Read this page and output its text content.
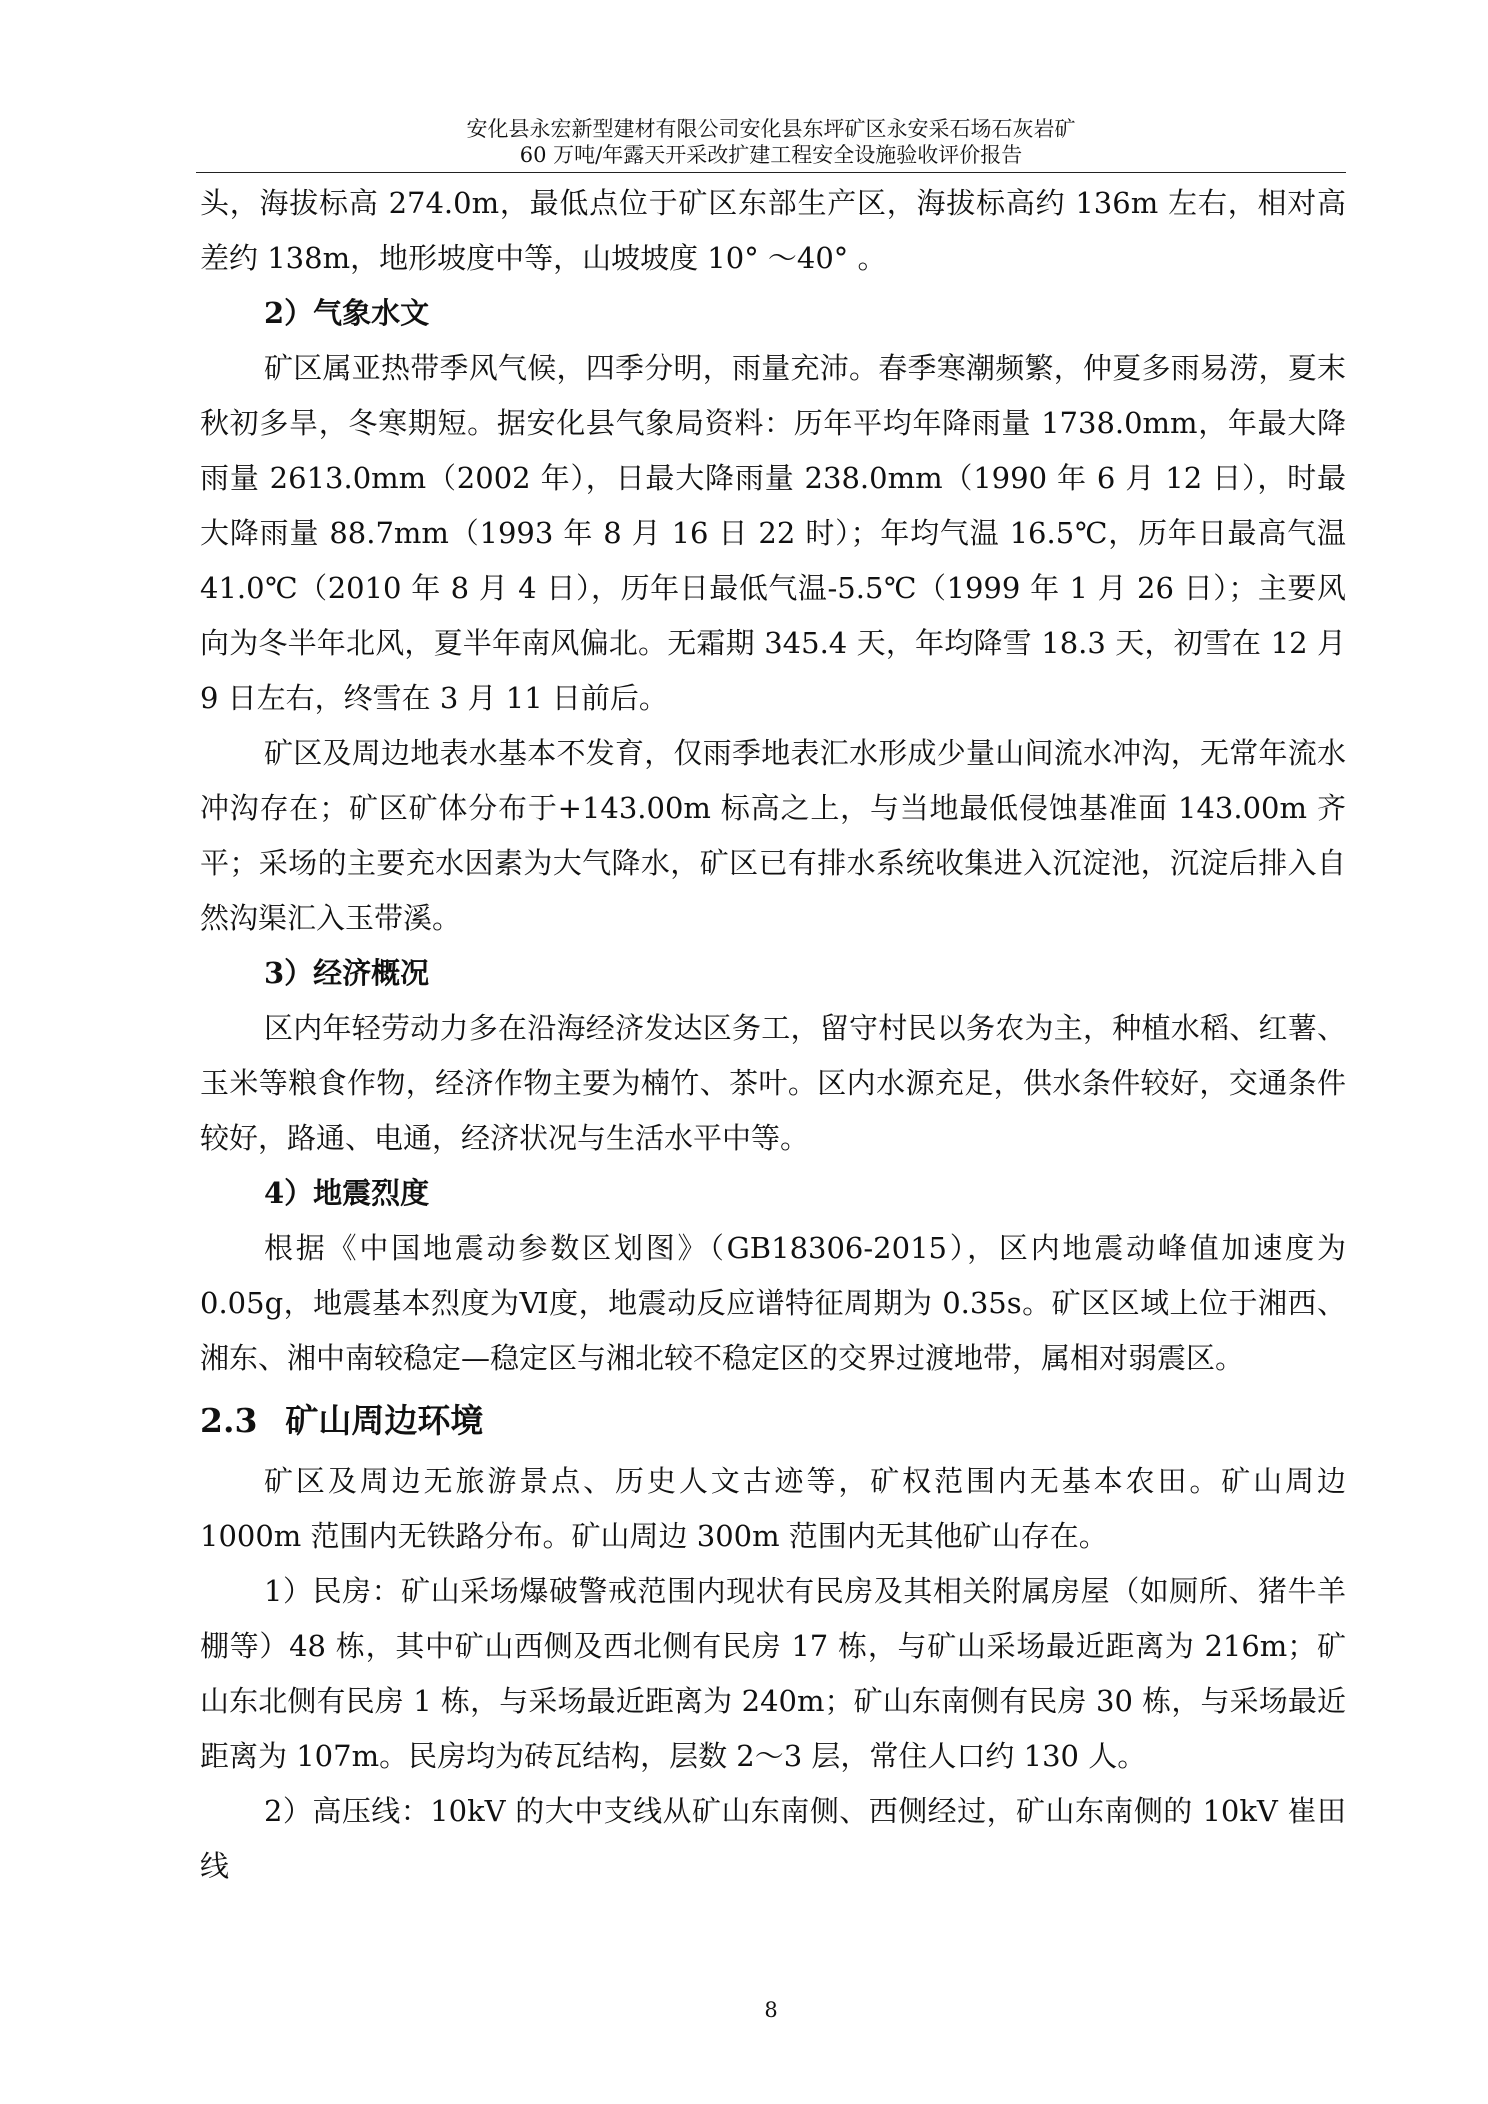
安化县永宏新型建材有限公司安化县东坪矿区永安采石场石灰岩矿
60 万吨/年露天开采改扩建工程安全设施验收评价报告

头，海拔标高 274.0m，最低点位于矿区东部生产区，海拔标高约 136m 左右，相对高差约 138m，地形坡度中等，山坡坡度 10° ～40° 。

2）气象水文

矿区属亚热带季风气候，四季分明，雨量充沛。春季寒潮频繁，仲夏多雨易涝，夏末秋初多旱，冬寒期短。据安化县气象局资料：历年平均年降雨量 1738.0mm，年最大降雨量 2613.0mm（2002 年），日最大降雨量 238.0mm（1990 年 6 月 12 日），时最大降雨量 88.7mm（1993 年 8 月 16 日 22 时）；年均气温 16.5℃，历年日最高气温 41.0℃（2010 年 8 月 4 日），历年日最低气温-5.5℃（1999 年 1 月 26 日）；主要风向为冬半年北风，夏半年南风偏北。无霜期 345.4 天，年均降雪 18.3 天，初雪在 12 月 9 日左右，终雪在 3 月 11 日前后。

矿区及周边地表水基本不发育，仅雨季地表汇水形成少量山间流水冲沟，无常年流水冲沟存在；矿区矿体分布于+143.00m 标高之上，与当地最低侵蚀基准面 143.00m 齐平；采场的主要充水因素为大气降水，矿区已有排水系统收集进入沉淀池，沉淀后排入自然沟渠汇入玉带溪。

3）经济概况

区内年轻劳动力多在沿海经济发达区务工，留守村民以务农为主，种植水稻、红薯、玉米等粮食作物，经济作物主要为楠竹、茶叶。区内水源充足，供水条件较好，交通条件较好，路通、电通，经济状况与生活水平中等。

4）地震烈度

根据《中国地震动参数区划图》（GB18306-2015），区内地震动峰值加速度为 0.05g，地震基本烈度为Ⅵ度，地震动反应谱特征周期为 0.35s。矿区区域上位于湘西、湘东、湘中南较稳定—稳定区与湘北较不稳定区的交界过渡地带，属相对弱震区。

2.3 矿山周边环境

矿区及周边无旅游景点、历史人文古迹等，矿权范围内无基本农田。矿山周边 1000m 范围内无铁路分布。矿山周边 300m 范围内无其他矿山存在。

1）民房：矿山采场爆破警戒范围内现状有民房及其相关附属房屋（如厕所、猪牛羊棚等）48 栋，其中矿山西侧及西北侧有民房 17 栋，与矿山采场最近距离为 216m；矿山东北侧有民房 1 栋，与采场最近距离为 240m；矿山东南侧有民房 30 栋，与采场最近距离为 107m。民房均为砖瓦结构，层数 2～3 层，常住人口约 130 人。

2）高压线：10kV 的大中支线从矿山东南侧、西侧经过，矿山东南侧的 10kV 崔田线

8
